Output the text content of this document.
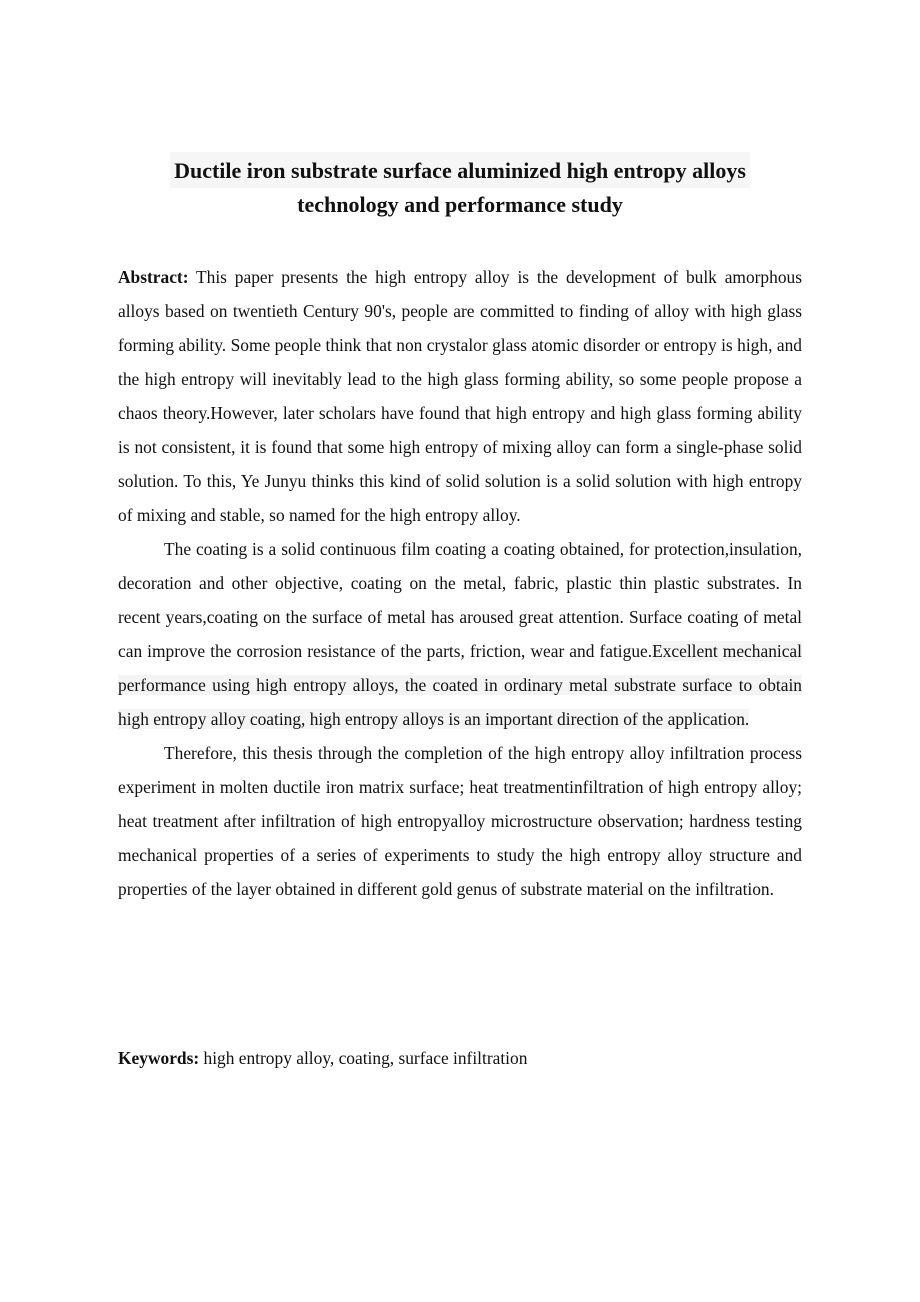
Ductile iron substrate surface aluminized high entropy alloys
technology and performance study

Abstract: This paper presents the high entropy alloy is the development of bulk amorphous alloys based on twentieth Century 90's, people are committed to finding of alloy with high glass forming ability. Some people think that non crystalor glass atomic disorder or entropy is high, and the high entropy will inevitably lead to the high glass forming ability, so some people propose a chaos theory.However, later scholars have found that high entropy and high glass forming ability is not consistent, it is found that some high entropy of mixing alloy can form a single-phase solid solution. To this, Ye Junyu thinks this kind of solid solution is a solid solution with high entropy of mixing and stable, so named for the high entropy alloy.

The coating is a solid continuous film coating a coating obtained, for protection,insulation, decoration and other objective, coating on the metal, fabric, plastic thin plastic substrates. In recent years,coating on the surface of metal has aroused great attention. Surface coating of metal can improve the corrosion resistance of the parts, friction, wear and fatigue.Excellent mechanical performance using high entropy alloys, the coated in ordinary metal substrate surface to obtain high entropy alloy coating, high entropy alloys is an important direction of the application.

Therefore, this thesis through the completion of the high entropy alloy infiltration process experiment in molten ductile iron matrix surface; heat treatmentinfiltration of high entropy alloy; heat treatment after infiltration of high entropyalloy microstructure observation; hardness testing mechanical properties of a series of experiments to study the high entropy alloy structure and properties of the layer obtained in different gold genus of substrate material on the infiltration.

Keywords: high entropy alloy, coating, surface infiltration
